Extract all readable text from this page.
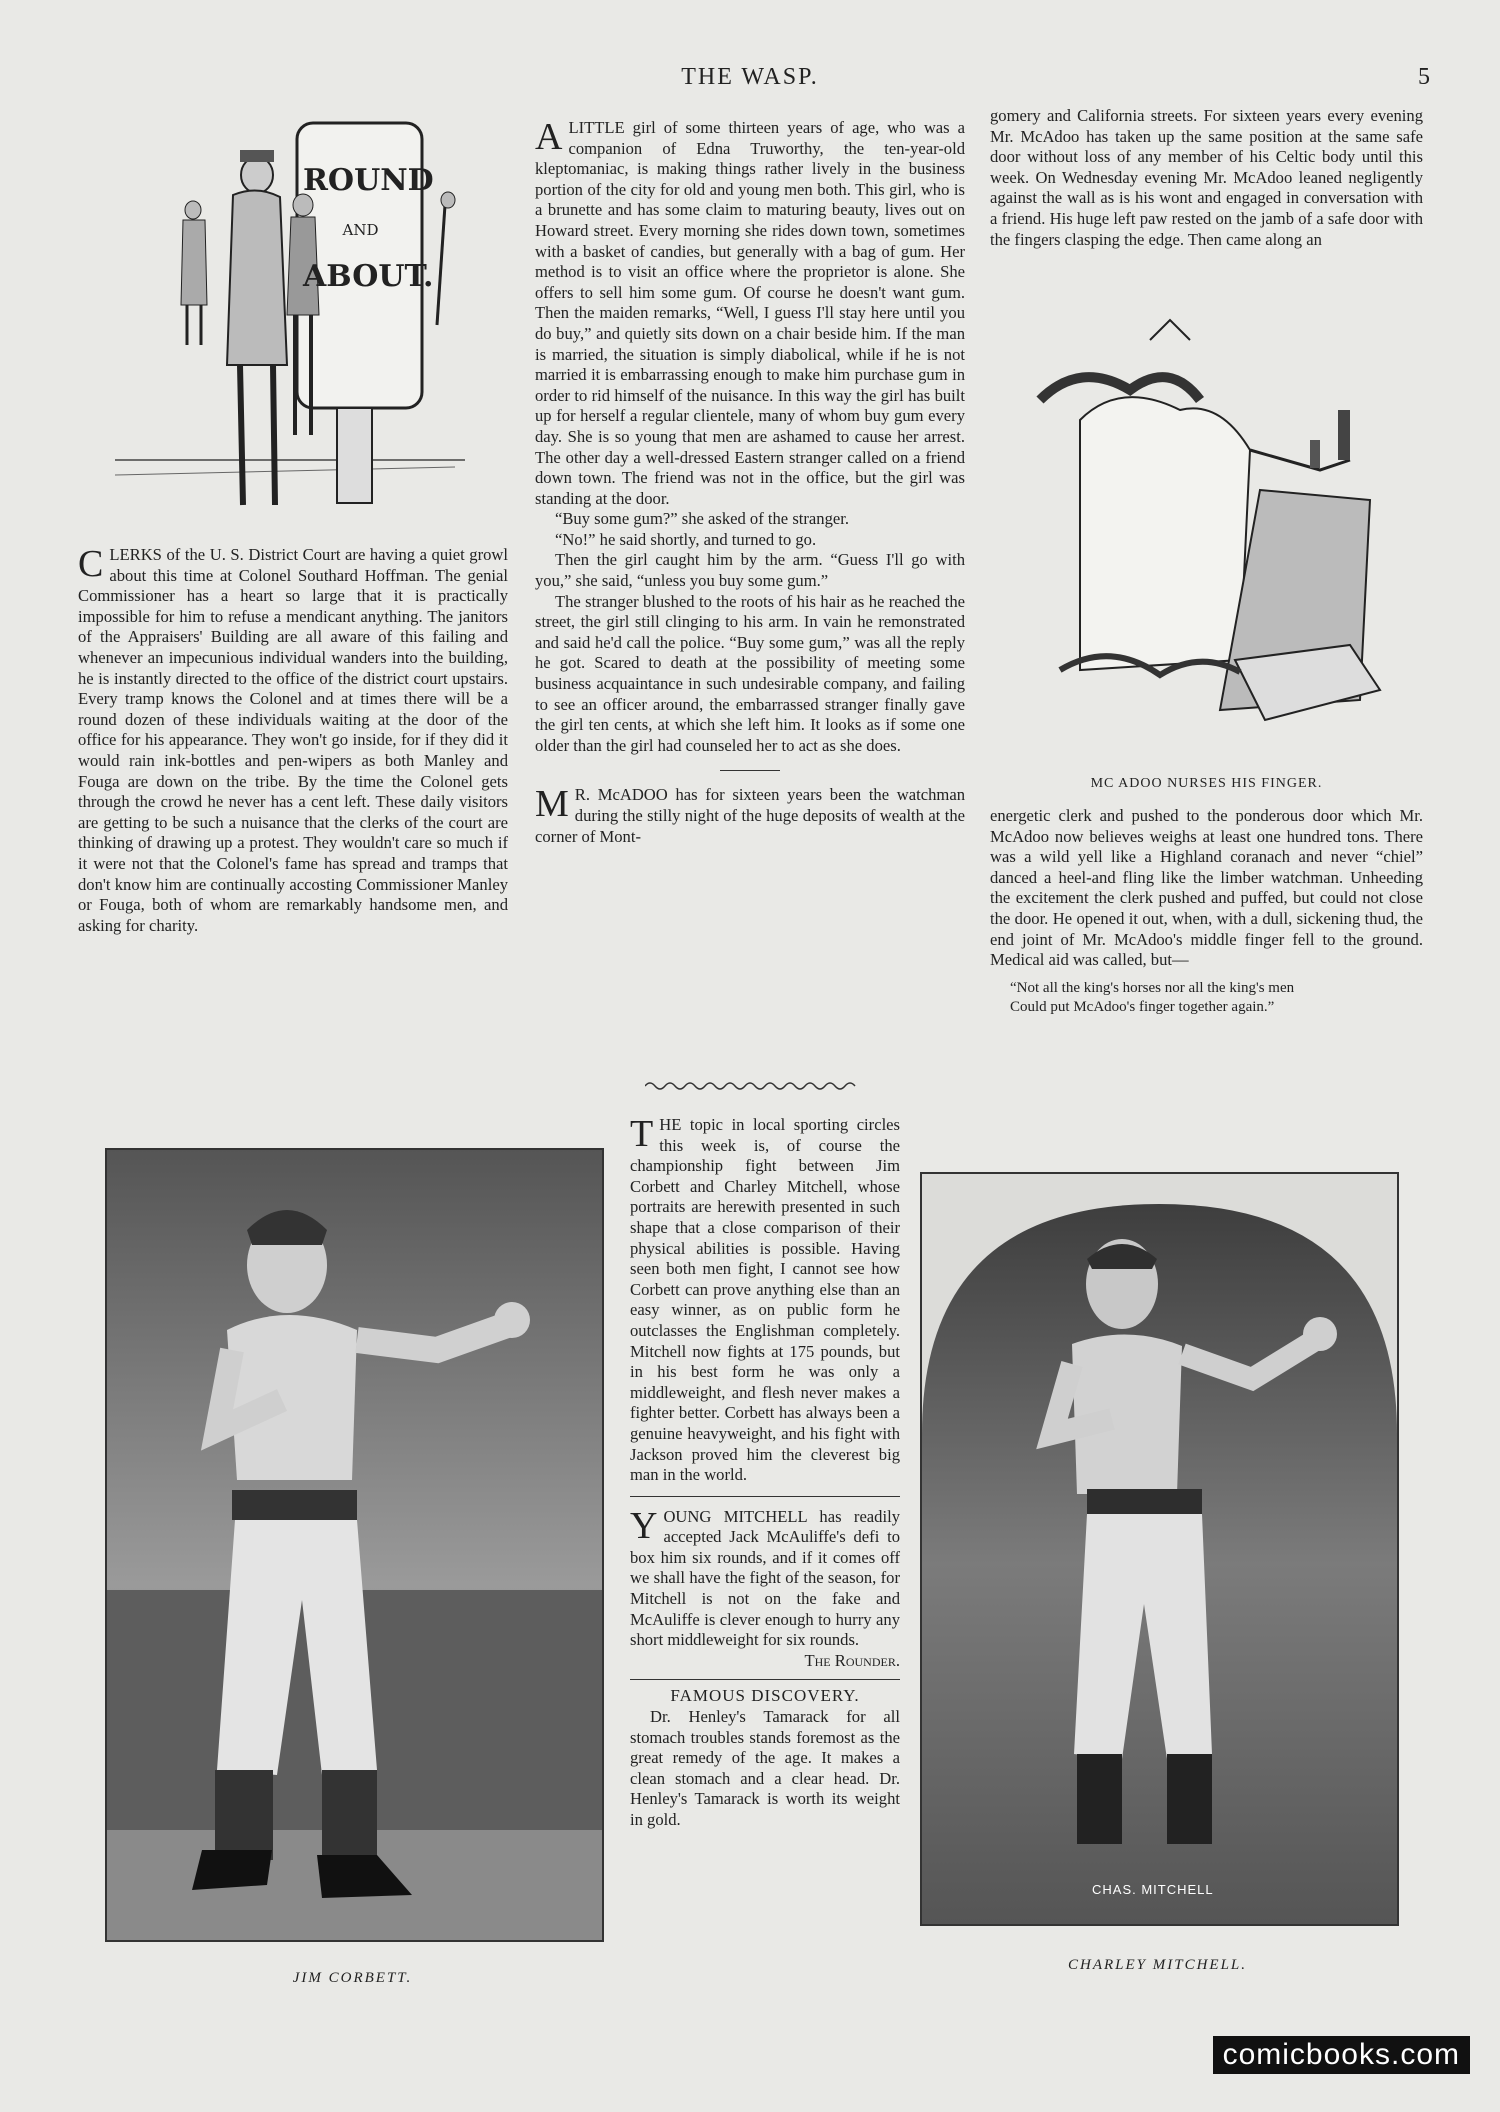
THE WASP.	5
ROUND
AND
ABOUT.

CLERKS of the U. S. District Court are having a quiet growl about this time at Colonel Southard Hoffman. The genial Commissioner has a heart so large that it is practically impossible for him to refuse a mendicant anything. The janitors of the Appraisers' Building are all aware of this failing and whenever an impecunious individual wanders into the building, he is instantly directed to the office of the district court upstairs. Every tramp knows the Colonel and at times there will be a round dozen of these individuals waiting at the door of the office for his appearance. They won't go inside, for if they did it would rain ink-bottles and pen-wipers as both Manley and Fouga are down on the tribe. By the time the Colonel gets through the crowd he never has a cent left. These daily visitors are getting to be such a nuisance that the clerks of the court are thinking of drawing up a protest. They wouldn't care so much if it were not that the Colonel's fame has spread and tramps that don't know him are continually accosting Commissioner Manley or Fouga, both of whom are remarkably handsome men, and asking for charity.

ALITTLE girl of some thirteen years of age, who was a companion of Edna Truworthy, the ten-year-old kleptomaniac, is making things rather lively in the business portion of the city for old and young men both. This girl, who is a brunette and has some claim to maturing beauty, lives out on Howard street. Every morning she rides down town, sometimes with a basket of candies, but generally with a bag of gum. Her method is to visit an office where the proprietor is alone. She offers to sell him some gum. Of course he doesn't want gum. Then the maiden remarks, “Well, I guess I'll stay here until you do buy,” and quietly sits down on a chair beside him. If the man is married, the situation is simply diabolical, while if he is not married it is embarrassing enough to make him purchase gum in order to rid himself of the nuisance. In this way the girl has built up for herself a regular clientele, many of whom buy gum every day. She is so young that men are ashamed to cause her arrest. The other day a well-dressed Eastern stranger called on a friend down town. The friend was not in the office, but the girl was standing at the door.

“Buy some gum?” she asked of the stranger.

“No!” he said shortly, and turned to go.

Then the girl caught him by the arm. “Guess I'll go with you,” she said, “unless you buy some gum.”

The stranger blushed to the roots of his hair as he reached the street, the girl still clinging to his arm. In vain he remonstrated and said he'd call the police. “Buy some gum,” was all the reply he got. Scared to death at the possibility of meeting some business acquaintance in such undesirable company, and failing to see an officer around, the embarrassed stranger finally gave the girl ten cents, at which she left him. It looks as if some one older than the girl had counseled her to act as she does.

M R. McADOO has for sixteen years been the watchman during the stilly night of the huge deposits of wealth at the corner of Mont-

gomery and California streets. For sixteen years every evening Mr. McAdoo has taken up the same position at the same safe door without loss of any member of his Celtic body until this week. On Wednesday evening Mr. McAdoo leaned negligently against the wall as is his wont and engaged in conversation with a friend. His huge left paw rested on the jamb of a safe door with the fingers clasping the edge. Then came along an

MC ADOO NURSES HIS FINGER.

energetic clerk and pushed to the ponderous door which Mr. McAdoo now believes weighs at least one hundred tons. There was a wild yell like a Highland coranach and never “chiel” danced a heel-and fling like the limber watchman. Unheeding the excitement the clerk pushed and puffed, but could not close the door. He opened it out, when, with a dull, sickening thud, the end joint of Mr. McAdoo's middle finger fell to the ground. Medical aid was called, but—

“Not all the king's horses nor all the king's men
Could put McAdoo's finger together again.”

THE topic in local sporting circles this week is, of course the championship fight between Jim Corbett and Charley Mitchell, whose portraits are herewith presented in such shape that a close comparison of their physical abilities is possible. Having seen both men fight, I cannot see how Corbett can prove anything else than an easy winner, as on public form he outclasses the Englishman completely. Mitchell now fights at 175 pounds, but in his best form he was only a middleweight, and flesh never makes a fighter better. Corbett has always been a genuine heavyweight, and his fight with Jackson proved him the cleverest big man in the world.

YOUNG MITCHELL has readily accepted Jack McAuliffe's defi to box him six rounds, and if it comes off we shall have the fight of the season, for Mitchell is not on the fake and McAuliffe is clever enough to hurry any short middleweight for six rounds.

The Rounder.
FAMOUS DISCOVERY.

Dr. Henley's Tamarack for all stomach troubles stands foremost as the great remedy of the age. It makes a clean stomach and a clear head. Dr. Henley's Tamarack is worth its weight in gold.

JIM CORBETT.
CHAS. MITCHELL
CHARLEY MITCHELL.
comicbooks.com
